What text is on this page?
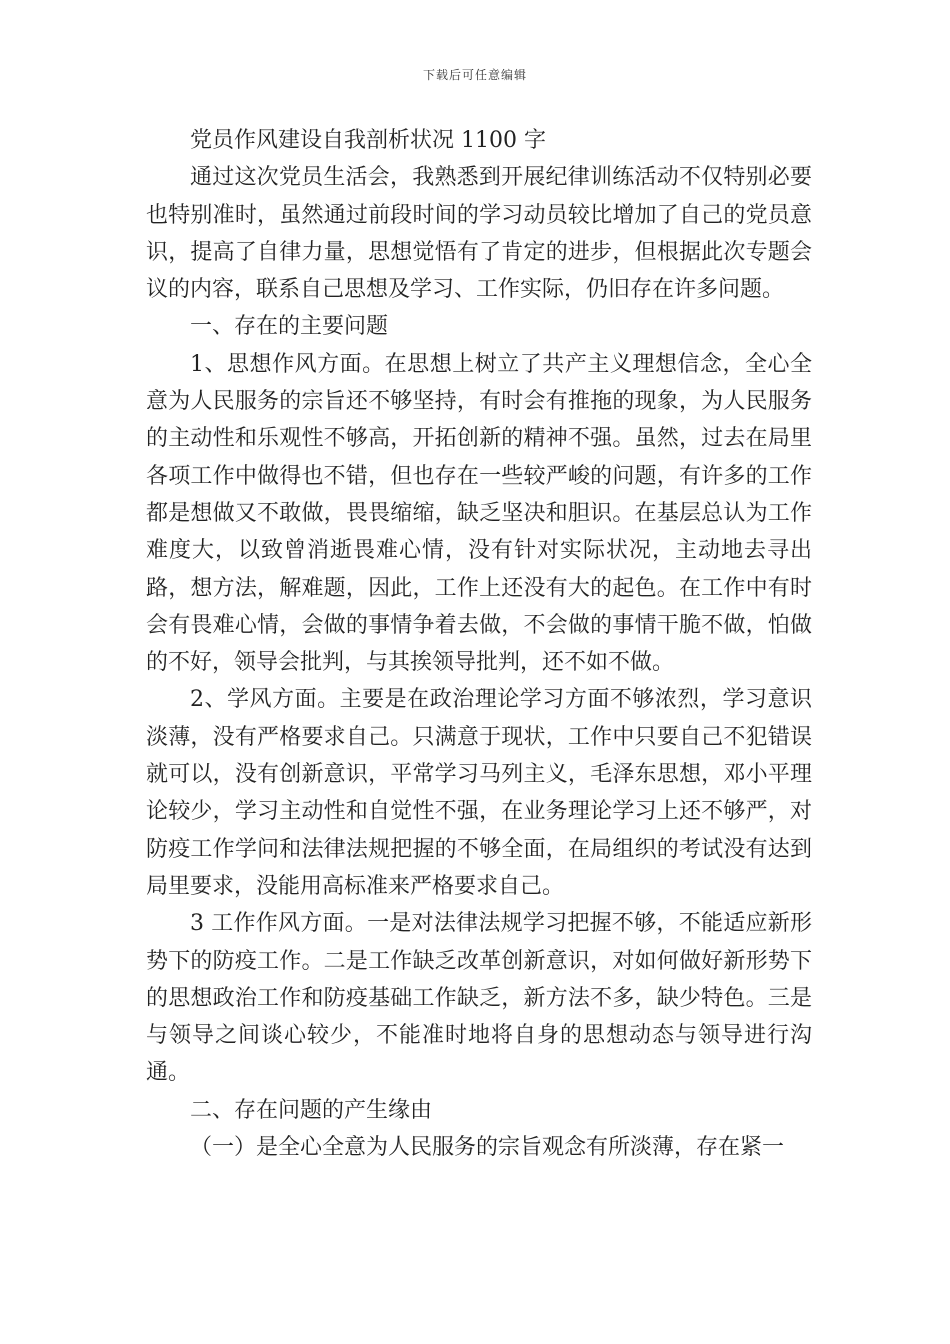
下载后可任意编辑

党员作风建设自我剖析状况 1100 字

通过这次党员生活会，我熟悉到开展纪律训练活动不仅特别必要也特别准时，虽然通过前段时间的学习动员较比增加了自己的党员意识，提高了自律力量，思想觉悟有了肯定的进步，但根据此次专题会议的内容，联系自己思想及学习、工作实际，仍旧存在许多问题。

一、存在的主要问题

1、思想作风方面。在思想上树立了共产主义理想信念，全心全意为人民服务的宗旨还不够坚持，有时会有推拖的现象，为人民服务的主动性和乐观性不够高，开拓创新的精神不强。虽然，过去在局里各项工作中做得也不错，但也存在一些较严峻的问题，有许多的工作都是想做又不敢做，畏畏缩缩，缺乏坚决和胆识。在基层总认为工作难度大，以致曾消逝畏难心情，没有针对实际状况，主动地去寻出路，想方法，解难题，因此，工作上还没有大的起色。在工作中有时会有畏难心情，会做的事情争着去做，不会做的事情干脆不做，怕做的不好，领导会批判，与其挨领导批判，还不如不做。

2、学风方面。主要是在政治理论学习方面不够浓烈，学习意识淡薄，没有严格要求自己。只满意于现状，工作中只要自己不犯错误就可以，没有创新意识，平常学习马列主义，毛泽东思想，邓小平理论较少，学习主动性和自觉性不强，在业务理论学习上还不够严，对防疫工作学问和法律法规把握的不够全面，在局组织的考试没有达到局里要求，没能用高标准来严格要求自己。

3 工作作风方面。一是对法律法规学习把握不够，不能适应新形势下的防疫工作。二是工作缺乏改革创新意识，对如何做好新形势下的思想政治工作和防疫基础工作缺乏，新方法不多，缺少特色。三是与领导之间谈心较少，不能准时地将自身的思想动态与领导进行沟通。

二、存在问题的产生缘由

（一）是全心全意为人民服务的宗旨观念有所淡薄，存在紧一
